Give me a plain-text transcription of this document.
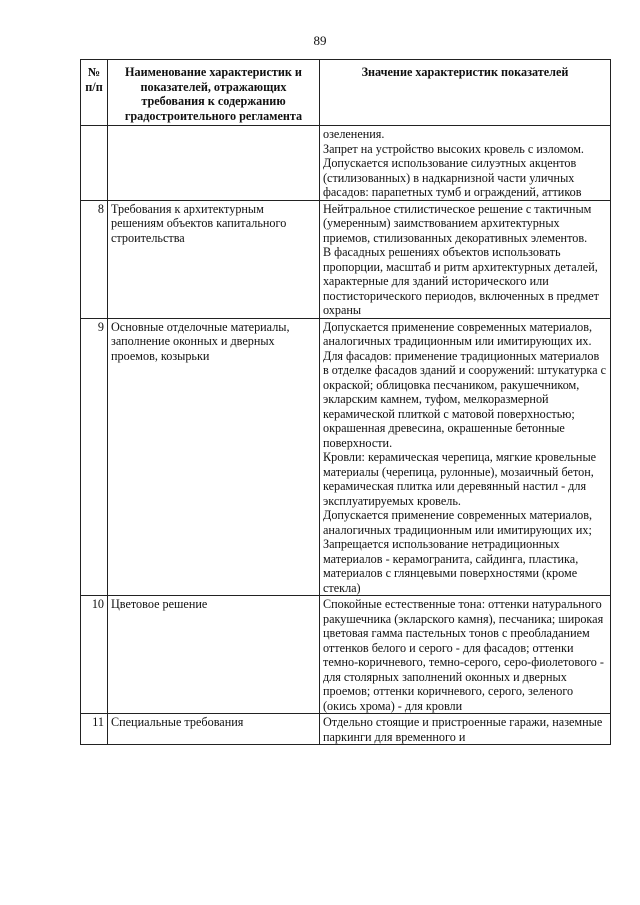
89
№ п/п	Наименование характеристик и показателей, отражающих требования к содержанию градостроительного регламента	Значение характеристик показателей

		озеленения.
Запрет на устройство высоких кровель с изломом.
Допускается использование силуэтных акцентов (стилизованных) в надкарнизной части уличных фасадов: парапетных тумб и ограждений, аттиков

8	Требования к архитектурным решениям объектов капитального строительства	Нейтральное стилистическое решение с тактичным (умеренным) заимствованием архитектурных приемов, стилизованных декоративных элементов.
В фасадных решениях объектов использовать пропорции, масштаб и ритм архитектурных деталей, характерные для зданий исторического или постисторического периодов, включенных в предмет охраны

9	Основные отделочные материалы, заполнение оконных и дверных проемов, козырьки	Допускается применение современных материалов, аналогичных традиционным или имитирующих их.
Для фасадов: применение традиционных материалов в отделке фасадов зданий и сооружений: штукатурка с окраской; облицовка песчаником, ракушечником, экларским камнем, туфом, мелкоразмерной керамической плиткой с матовой поверхностью; окрашенная древесина, окрашенные бетонные поверхности.
Кровли: керамическая черепица, мягкие кровельные материалы (черепица, рулонные), мозаичный бетон, керамическая плитка или деревянный настил - для эксплуатируемых кровель.
Допускается применение современных материалов, аналогичных традиционным или имитирующих их;
Запрещается использование нетрадиционных материалов - керамогранита, сайдинга, пластика, материалов с глянцевыми поверхностями (кроме стекла)

10	Цветовое решение	Спокойные естественные тона: оттенки натурального ракушечника (экларского камня), песчаника; широкая цветовая гамма пастельных тонов с преобладанием оттенков белого и серого - для фасадов; оттенки темно-коричневого, темно-серого, серо-фиолетового - для столярных заполнений оконных и дверных проемов; оттенки коричневого, серого, зеленого (окись хрома) - для кровли

11	Специальные требования	Отдельно стоящие и пристроенные гаражи, наземные паркинги для временного и
